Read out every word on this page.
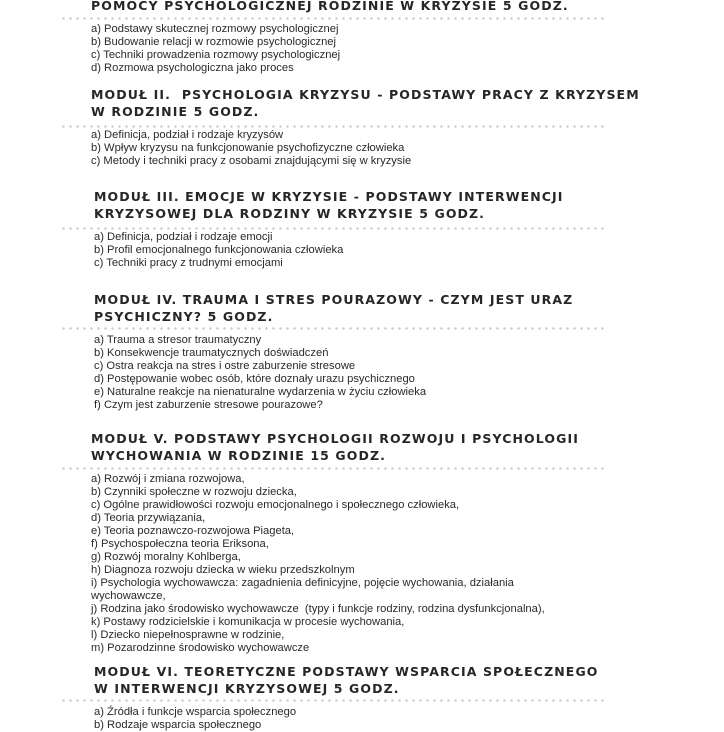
POMOCY PSYCHOLOGICZNEJ RODZINIE W KRYZYSIE 5 GODZ.
a) Podstawy skutecznej rozmowy psychologicznej
b) Budowanie relacji w rozmowie psychologicznej
c) Techniki prowadzenia rozmowy psychologicznej
d) Rozmowa psychologiczna jako proces
MODUŁ II.  PSYCHOLOGIA KRYZYSU - PODSTAWY PRACY Z KRYZYSEM
W RODZINIE 5 GODZ.
a) Definicja, podział i rodzaje kryzysów
b) Wpływ kryzysu na funkcjonowanie psychofizyczne człowieka
c) Metody i techniki pracy z osobami znajdującymi się w kryzysie
MODUŁ III. EMOCJE W KRYZYSIE - PODSTAWY INTERWENCJI
KRYZYSOWEJ DLA RODZINY W KRYZYSIE 5 GODZ.
a) Definicja, podział i rodzaje emocji
b) Profil emocjonalnego funkcjonowania człowieka
c) Techniki pracy z trudnymi emocjami
MODUŁ IV. TRAUMA I STRES POURAZOWY - CZYM JEST URAZ
PSYCHICZNY? 5 GODZ.
a) Trauma a stresor traumatyczny
b) Konsekwencje traumatycznych doświadczeń
c) Ostra reakcja na stres i ostre zaburzenie stresowe
d) Postępowanie wobec osób, które doznały urazu psychicznego
e) Naturalne reakcje na nienaturalne wydarzenia w życiu człowieka
f) Czym jest zaburzenie stresowe pourazowe?
MODUŁ V. PODSTAWY PSYCHOLOGII ROZWOJU I PSYCHOLOGII
WYCHOWANIA W RODZINIE 15 GODZ.
a) Rozwój i zmiana rozwojowa,
b) Czynniki społeczne w rozwoju dziecka,
c) Ogólne prawidłowości rozwoju emocjonalnego i społecznego człowieka,
d) Teoria przywiązania,
e) Teoria poznawczo-rozwojowa Piageta,
f) Psychospołeczna teoria Eriksona,
g) Rozwój moralny Kohlberga,
h) Diagnoza rozwoju dziecka w wieku przedszkolnym
i) Psychologia wychowawcza: zagadnienia definicyjne, pojęcie wychowania, działania
wychowawcze,
j) Rodzina jako środowisko wychowawcze  (typy i funkcje rodziny, rodzina dysfunkcjonalna),
k) Postawy rodzicielskie i komunikacja w procesie wychowania,
l) Dziecko niepełnosprawne w rodzinie,
m) Pozarodzinne środowisko wychowawcze
MODUŁ VI. TEORETYCZNE PODSTAWY WSPARCIA SPOŁECZNEGO
W INTERWENCJI KRYZYSOWEJ 5 GODZ.
a) Źródła i funkcje wsparcia społecznego
b) Rodzaje wsparcia społecznego
